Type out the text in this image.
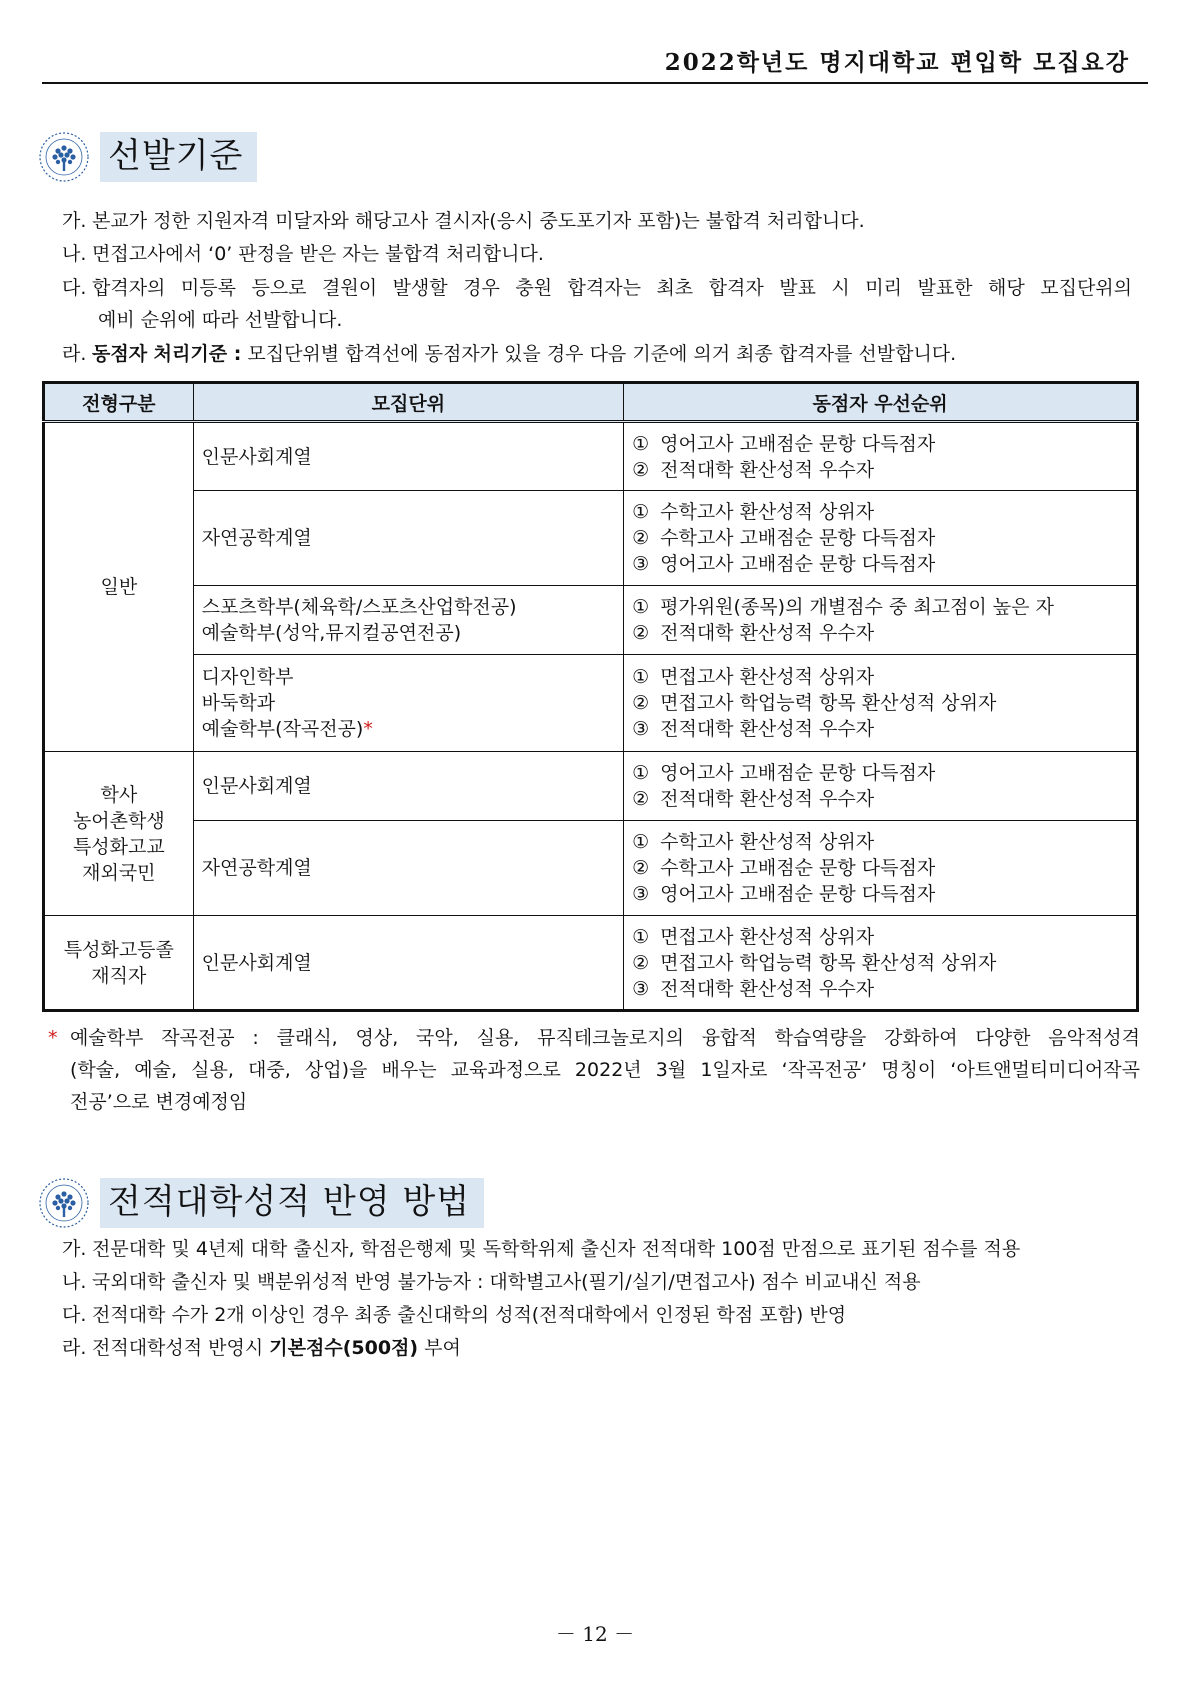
2022학년도 명지대학교 편입학 모집요강
선발기준
가. 본교가 정한 지원자격 미달자와 해당고사 결시자(응시 중도포기자 포함)는 불합격 처리합니다.
나. 면접고사에서 ‘0’ 판정을 받은 자는 불합격 처리합니다.
다. 합격자의 미등록 등으로 결원이 발생할 경우 충원 합격자는 최초 합격자 발표 시 미리 발표한 해당 모집단위의
예비 순위에 따라 선발합니다.
라. 동점자 처리기준 : 모집단위별 합격선에 동점자가 있을 경우 다음 기준에 의거 최종 합격자를 선발합니다.
전형구분	모집단위	동점자 우선순위
일반	인문사회계열	① 영어고사 고배점순 문항 다득점자
② 전적대학 환산성적 우수자

	자연공학계열	① 수학고사 환산성적 상위자
② 수학고사 고배점순 문항 다득점자
③ 영어고사 고배점순 문항 다득점자

	스포츠학부(체육학/스포츠산업학전공)
예술학부(성악,뮤지컬공연전공)	① 평가위원(종목)의 개별점수 중 최고점이 높은 자
② 전적대학 환산성적 우수자

	디자인학부
바둑학과
예술학부(작곡전공)*	① 면접고사 환산성적 상위자
② 면접고사 학업능력 항목 환산성적 상위자
③ 전적대학 환산성적 우수자

학사
농어촌학생
특성화고교
재외국민	인문사회계열	① 영어고사 고배점순 문항 다득점자
② 전적대학 환산성적 우수자

	자연공학계열	① 수학고사 환산성적 상위자
② 수학고사 고배점순 문항 다득점자
③ 영어고사 고배점순 문항 다득점자

특성화고등졸
재직자	인문사회계열	① 면접고사 환산성적 상위자
② 면접고사 학업능력 항목 환산성적 상위자
③ 전적대학 환산성적 우수자
* 예술학부 작곡전공 : 클래식, 영상, 국악, 실용, 뮤직테크놀로지의 융합적 학습역량을 강화하여 다양한 음악적성격
(학술, 예술, 실용, 대중, 상업)을 배우는 교육과정으로 2022년 3월 1일자로 ‘작곡전공’ 명칭이 ‘아트앤멀티미디어작곡
전공’으로 변경예정임
전적대학성적 반영 방법
가. 전문대학 및 4년제 대학 출신자, 학점은행제 및 독학학위제 출신자 전적대학 100점 만점으로 표기된 점수를 적용
나. 국외대학 출신자 및 백분위성적 반영 불가능자 : 대학별고사(필기/실기/면접고사) 점수 비교내신 적용
다. 전적대학 수가 2개 이상인 경우 최종 출신대학의 성적(전적대학에서 인정된 학점 포함) 반영
라. 전적대학성적 반영시 기본점수(500점) 부여
－ 12 －
